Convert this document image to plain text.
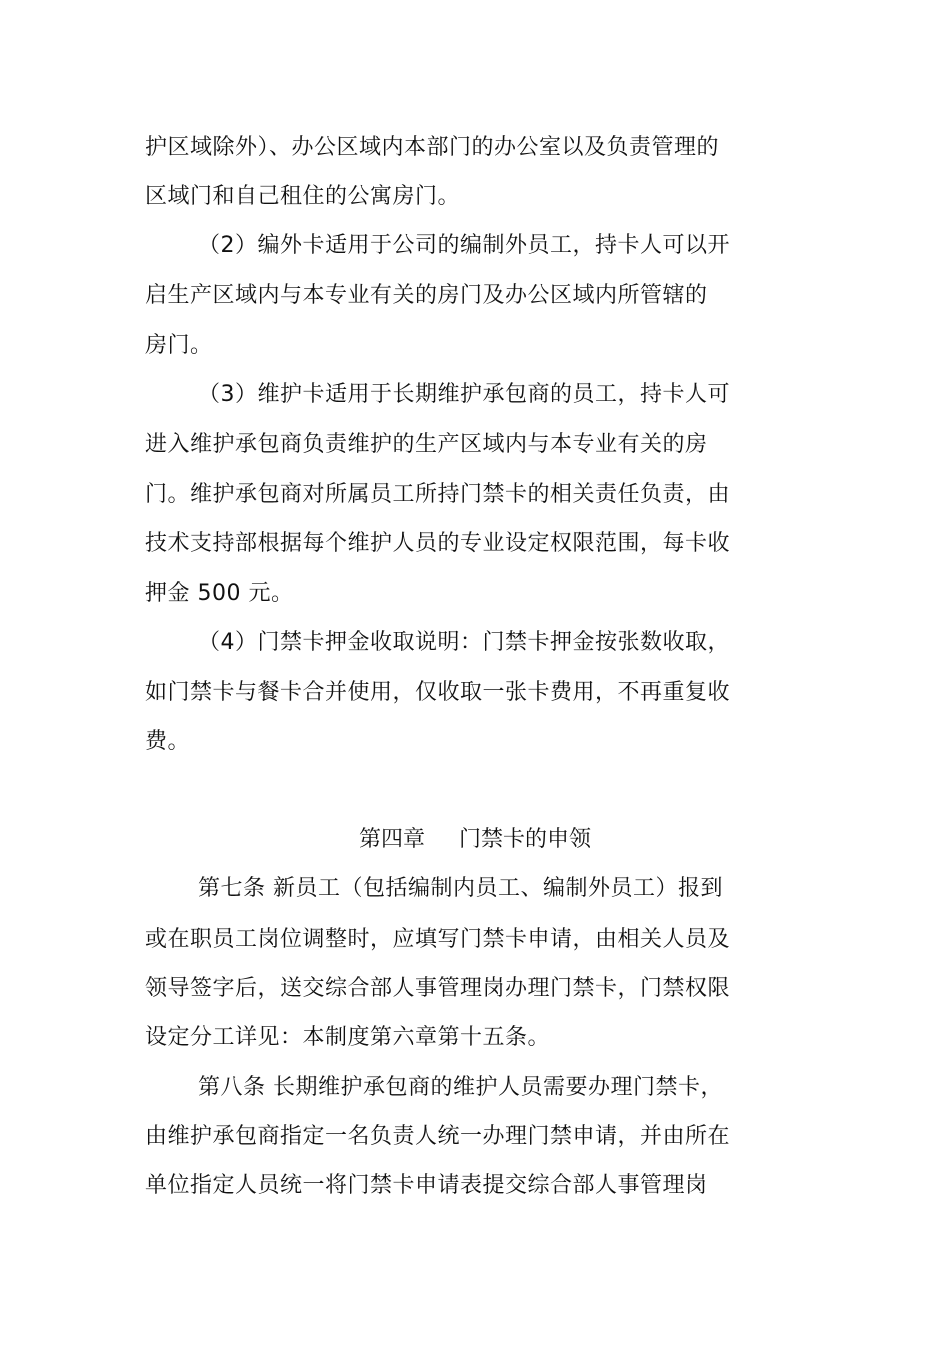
护区域除外）、办公区域内本部门的办公室以及负责管理的
区域门和自己租住的公寓房门。
（2）编外卡适用于公司的编制外员工，持卡人可以开
启生产区域内与本专业有关的房门及办公区域内所管辖的
房门。
（3）维护卡适用于长期维护承包商的员工，持卡人可
进入维护承包商负责维护的生产区域内与本专业有关的房
门。维护承包商对所属员工所持门禁卡的相关责任负责，由
技术支持部根据每个维护人员的专业设定权限范围，每卡收
押金 500 元。
（4）门禁卡押金收取说明：门禁卡押金按张数收取，
如门禁卡与餐卡合并使用，仅收取一张卡费用，不再重复收
费。
第四章 门禁卡的申领
第七条 新员工（包括编制内员工、编制外员工）报到
或在职员工岗位调整时，应填写门禁卡申请，由相关人员及
领导签字后，送交综合部人事管理岗办理门禁卡，门禁权限
设定分工详见：本制度第六章第十五条。
第八条 长期维护承包商的维护人员需要办理门禁卡，
由维护承包商指定一名负责人统一办理门禁申请，并由所在
单位指定人员统一将门禁卡申请表提交综合部人事管理岗
